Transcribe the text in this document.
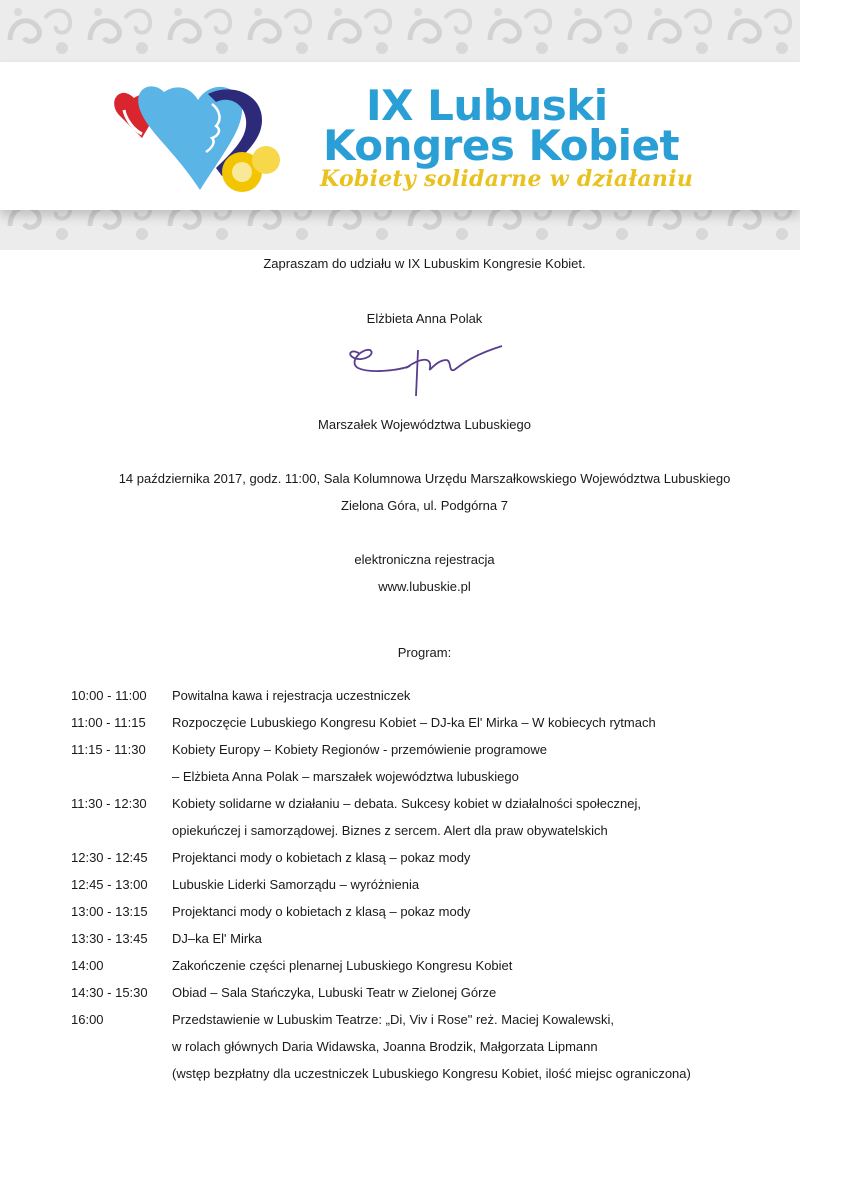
IX Lubuski
Kongres Kobiet
Kobiety solidarne w działaniu
Zapraszam do udziału w IX Lubuskim Kongresie Kobiet.
Elżbieta Anna Polak
Marszałek Województwa Lubuskiego
14 października 2017, godz. 11:00, Sala Kolumnowa Urzędu Marszałkowskiego Województwa Lubuskiego
Zielona Góra, ul. Podgórna 7
elektroniczna rejestracja
www.lubuskie.pl
Program:
10:00 - 11:00	Powitalna kawa i rejestracja uczestniczek
11:00 - 11:15	Rozpoczęcie Lubuskiego Kongresu Kobiet – DJ-ka El' Mirka – W kobiecych rytmach
11:15 - 11:30	Kobiety Europy – Kobiety Regionów - przemówienie programowe
– Elżbieta Anna Polak – marszałek województwa lubuskiego
11:30 - 12:30	Kobiety solidarne w działaniu – debata. Sukcesy kobiet w działalności społecznej,
opiekuńczej i samorządowej. Biznes z sercem. Alert dla praw obywatelskich
12:30 - 12:45	Projektanci mody o kobietach z klasą – pokaz mody
12:45 - 13:00	Lubuskie Liderki Samorządu – wyróżnienia
13:00 - 13:15	Projektanci mody o kobietach z klasą – pokaz mody
13:30 - 13:45	DJ–ka El' Mirka
14:00	Zakończenie części plenarnej Lubuskiego Kongresu Kobiet
14:30 - 15:30	Obiad – Sala Stańczyka, Lubuski Teatr w Zielonej Górze
16:00	Przedstawienie w Lubuskim Teatrze: „Di, Viv i Rose" reż. Maciej Kowalewski,
w rolach głównych Daria Widawska, Joanna Brodzik, Małgorzata Lipmann
(wstęp bezpłatny dla uczestniczek Lubuskiego Kongresu Kobiet, ilość miejsc ograniczona)
